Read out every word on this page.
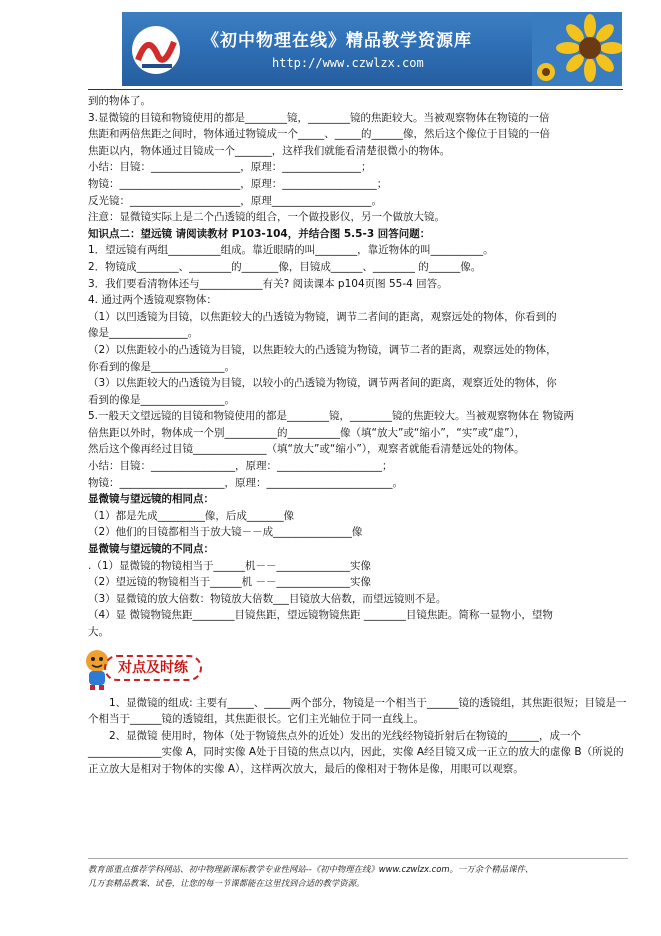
《初中物理在线》精品教学资源库
http://www.czwlzx.com

到的物体了。

3.显微镜的目镜和物镜使用的都是________镜，________镜的焦距较大。当被观察物体在物镜的一倍

焦距和两倍焦距之间时，物体通过物镜成一个_____、_____的______像，然后这个像位于目镜的一倍

焦距以内，物体通过目镜成一个_______，这样我们就能看清楚很微小的物体。

小结：目镜：_________________，原理：_______________；

物镜：_______________________，原理：__________________；

反光镜：_____________________，原理___________________。

注意：显微镜实际上是二个凸透镜的组合，一个做投影仪，另一个做放大镜。

知识点二：望远镜 请阅读教材 P103-104，并结合图 5.5-3 回答问题：

1．望远镜有两组__________组成。靠近眼睛的叫________，靠近物体的叫__________。

2．物镜成________、________的_______像，目镜成______、________ 的______像。

3．我们要看清物体还与____________有关? 阅读课本 p104页图 55-4 回答。

4. 通过两个透镜观察物体：

（1）以凹透镜为目镜，以焦距较大的凸透镜为物镜，调节二者间的距离，观察远处的物体，你看到的

像是_______________。

（2）以焦距较小的凸透镜为目镜，以焦距较大的凸透镜为物镜，调节二者的距离，观察远处的物体，

你看到的像是______________。

（3）以焦距较大的凸透镜为目镜，以较小的凸透镜为物镜，调节两者间的距离，观察近处的物体，你

看到的像是________________。

5.一般天文望远镜的目镜和物镜使用的都是________镜，________镜的焦距较大。当被观察物体在 物镜两

倍焦距以外时，物体成一个别__________的__________像（填“放大”或“缩小”，“实”或“虚”），

然后这个像再经过目镜______________（填“放大”或“缩小”），观察者就能看清楚远处的物体。

小结：目镜：________________，原理：____________________；

物镜：____________________，原理：________________________。

显微镜与望远镜的相同点：

（1）都是先成_________像，后成_______像

（2）他们的目镜都相当于放大镜－－成_______________像

显微镜与望远镜的不同点：

.（1）显微镜的物镜相当于______机－－______________实像

（2）望远镜的物镜相当于______机 －－______________实像

（3）显微镜的放大倍数：物镜放大倍数___目镜放大倍数，而望远镜则不是。

（4）显 微镜物镜焦距________目镜焦距，望远镜物镜焦距 ________目镜焦距。简称一显物小，望物

大。

对点及时练

1、显微镜的组成: 主要有_____、_____两个部分，物镜是一个相当于______镜的透镜组，其焦距很短；目镜是一个相当于______镜的透镜组，其焦距很长。它们主光轴位于同一直线上。

2、显微镜 使用时，物体（处于物镜焦点外的近处）发出的光线经物镜折射后在物镜的______，成一个______________实像 A，同时实像 A处于目镜的焦点以内，因此，实像 A经目镜又成一正立的放大的虚像 B（所说的正立放大是相对于物体的实像 A），这样两次放大，最后的像相对于物体是像，用眼可以观察。

教育部重点推荐学科网站、初中物理新课标教学专业性网站--《初中物理在线》www.czwlzx.com。一万余个精品课件、
几万套精品教案、试卷，让您的每一节课都能在这里找到合适的教学资源。
